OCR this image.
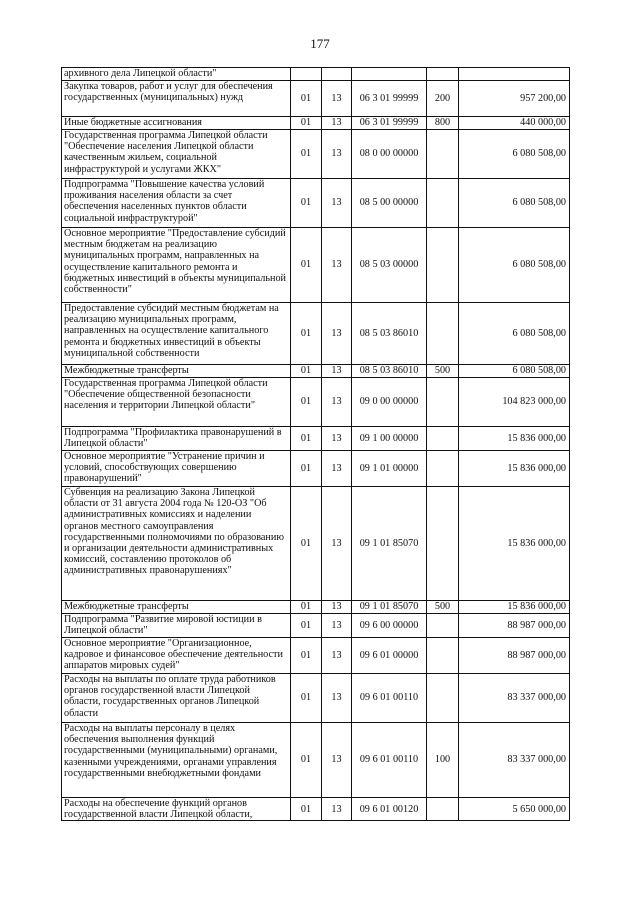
177
архивного дела Липецкой области"					
Закупка товаров, работ и услуг для обеспечения государственных (муниципальных) нужд	01	13	06 3 01 99999	200	957 200,00
Иные бюджетные ассигнования	01	13	06 3 01 99999	800	440 000,00
Государственная программа Липецкой области "Обеспечение населения Липецкой области качественным жильем, социальной инфраструктурой и услугами ЖКХ"	01	13	08 0 00 00000		6 080 508,00
Подпрограмма "Повышение качества условий проживания населения области за счет обеспечения населенных пунктов области социальной инфраструктурой"	01	13	08 5 00 00000		6 080 508,00
Основное мероприятие "Предоставление субсидий местным бюджетам на реализацию муниципальных программ, направленных на осуществление капитального ремонта и бюджетных инвестиций в объекты муниципальной собственности"	01	13	08 5 03 00000		6 080 508,00
Предоставление субсидий местным бюджетам на реализацию муниципальных программ, направленных на осуществление капитального ремонта и бюджетных инвестиций в объекты муниципальной собственности	01	13	08 5 03 86010		6 080 508,00
Межбюджетные трансферты	01	13	08 5 03 86010	500	6 080 508,00
Государственная программа Липецкой области "Обеспечение общественной безопасности населения и территории Липецкой области"	01	13	09 0 00 00000		104 823 000,00
Подпрограмма "Профилактика правонарушений в Липецкой области"	01	13	09 1 00 00000		15 836 000,00
Основное мероприятие "Устранение причин и условий, способствующих совершению правонарушений"	01	13	09 1 01 00000		15 836 000,00
Субвенция на реализацию Закона Липецкой области от 31 августа 2004 года № 120-ОЗ "Об административных комиссиях и наделении органов местного самоуправления государственными полномочиями по образованию и организации деятельности административных комиссий, составлению протоколов об административных правонарушениях"	01	13	09 1 01 85070		15 836 000,00
Межбюджетные трансферты	01	13	09 1 01 85070	500	15 836 000,00
Подпрограмма "Развитие мировой юстиции в Липецкой области"	01	13	09 6 00 00000		88 987 000,00
Основное мероприятие "Организационное, кадровое и финансовое обеспечение деятельности аппаратов мировых судей"	01	13	09 6 01 00000		88 987 000,00
Расходы на выплаты по оплате труда работников органов государственной власти Липецкой области, государственных органов Липецкой области	01	13	09 6 01 00110		83 337 000,00
Расходы на выплаты персоналу в целях обеспечения выполнения функций государственными (муниципальными) органами, казенными учреждениями, органами управления государственными внебюджетными фондами	01	13	09 6 01 00110	100	83 337 000,00
Расходы на обеспечение функций органов государственной власти Липецкой области,	01	13	09 6 01 00120		5 650 000,00
